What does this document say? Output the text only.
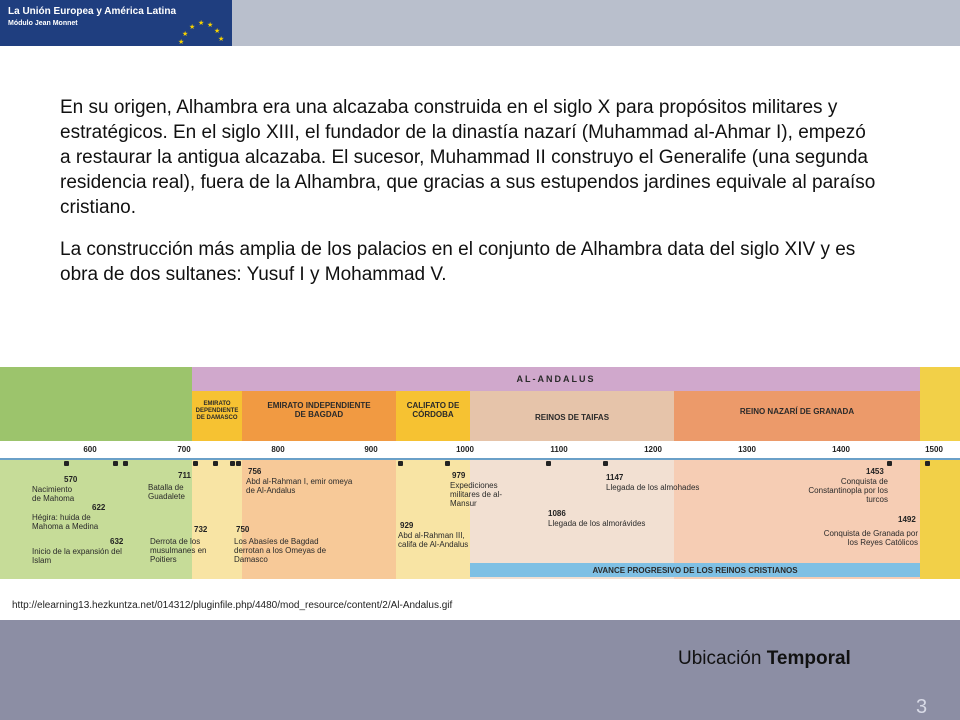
La Unión Europea y América Latina
Módulo Jean Monnet
★
★
★ ★ ★
★
★

En su origen, Alhambra era una alcazaba construida en el siglo X para propósitos militares y estratégicos. En el siglo XIII, el fundador de la dinastía nazarí (Muhammad al-Ahmar I), empezó a restaurar la antigua alcazaba. El sucesor, Muhammad II construyo el Generalife (una segunda residencia real), fuera de la Alhambra, que gracias a sus estupendos jardines equivale al paraíso cristiano.

La construcción más amplia de los palacios en el conjunto de Alhambra data del siglo XIV y es obra de dos sultanes: Yusuf I y Mohammad V.

AVANCE PROGRESIVO DE LOS REINOS CRISTIANOS
AL-ANDALUS
EMIRATO DEPENDIENTE DE DAMASCO
EMIRATO INDEPENDIENTE DE BAGDAD
CALIFATO DE CÓRDOBA	REINOS DE TAIFAS
REINO NAZARÍ DE GRANADA
600	700	800	900	1000	1100	1200	1300	1400	1500
570
Nacimiento de Mahoma
622
Hégira: huida de Mahoma a Medina
632
Inicio de la expansión del Islam
711
Batalla de Guadalete
732
Derrota de los musulmanes en Poitiers
750
Los Abasíes de Bagdad derrotan a los Omeyas de Damasco
756
Abd al-Rahman I, emir omeya de Al-Andalus
929
Abd al-Rahman III, califa de Al-Andalus
979
Expediciones militares de al-Mansur
1086
Llegada de los almorávides
1147
Llegada de los almohades
1453
Conquista de Constantinopla por los turcos
1492
Conquista de Granada por los Reyes Católicos
http://elearning13.hezkuntza.net/014312/pluginfile.php/4480/mod_resource/content/2/Al-Andalus.gif
Ubicación Temporal
3
